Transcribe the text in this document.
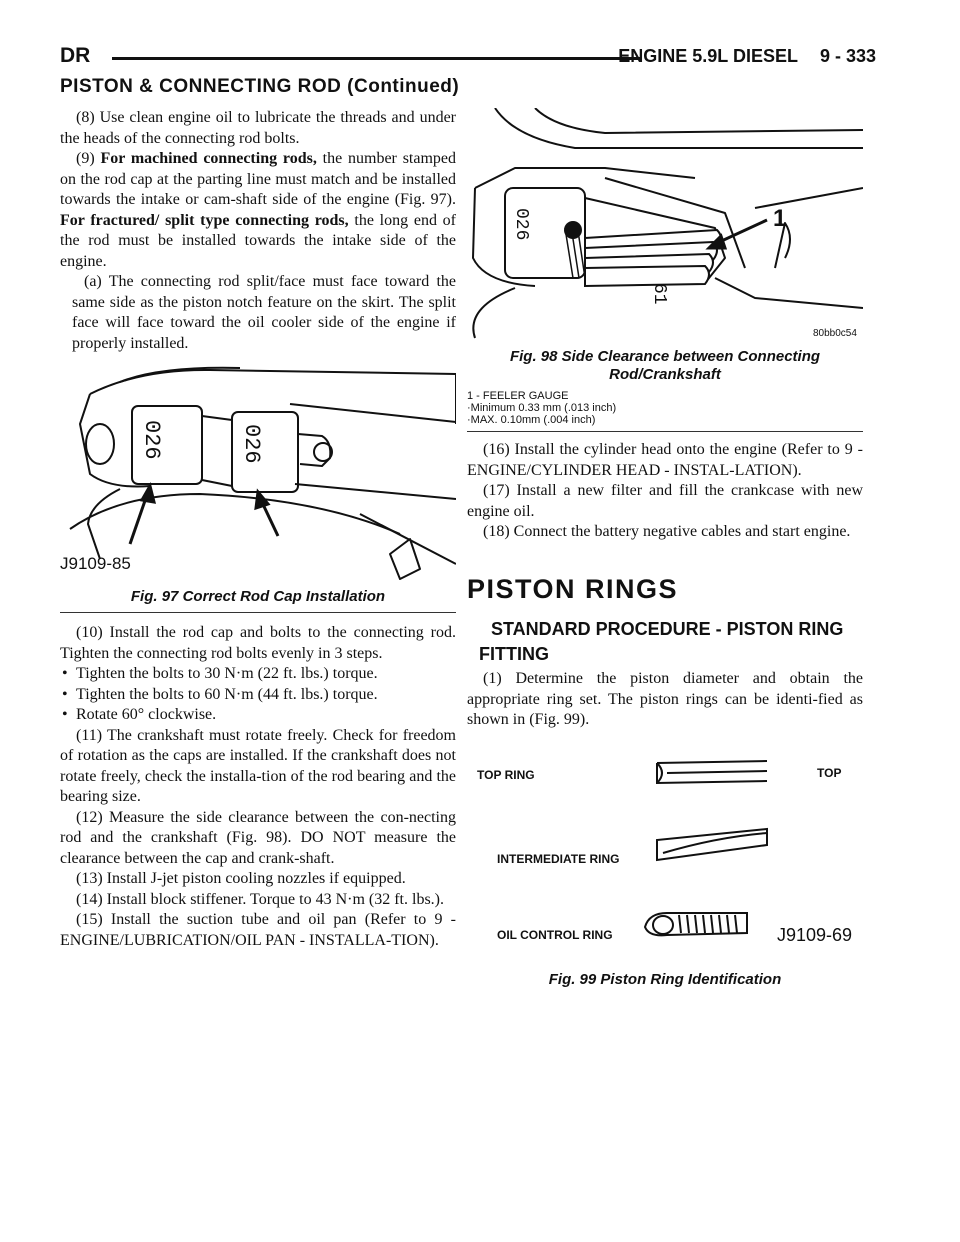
DR	ENGINE 5.9L DIESEL 9 - 333
PISTON & CONNECTING ROD (Continued)

(8) Use clean engine oil to lubricate the threads and under the heads of the connecting rod bolts.

(9) For machined connecting rods, the number stamped on the rod cap at the parting line must match and be installed towards the intake or cam-shaft side of the engine (Fig. 97). For fractured/ split type connecting rods, the long end of the rod must be installed towards the intake side of the engine.

(a) The connecting rod split/face must face toward the same side as the piston notch feature on the skirt. The split face will face toward the oil cooler side of the engine if properly installed.

026	026
J9109-85
Fig. 97 Correct Rod Cap Installation

(10) Install the rod cap and bolts to the connecting rod. Tighten the connecting rod bolts evenly in 3 steps.

• Tighten the bolts to 30 N·m (22 ft. lbs.) torque.

• Tighten the bolts to 60 N·m (44 ft. lbs.) torque.

• Rotate 60° clockwise.

(11) The crankshaft must rotate freely. Check for freedom of rotation as the caps are installed. If the crankshaft does not rotate freely, check the installa-tion of the rod bearing and the bearing size.

(12) Measure the side clearance between the con-necting rod and the crankshaft (Fig. 98). DO NOT measure the clearance between the cap and crank-shaft.

(13) Install J-jet piston cooling nozzles if equipped.

(14) Install block stiffener. Torque to 43 N·m (32 ft. lbs.).

(15) Install the suction tube and oil pan (Refer to 9 - ENGINE/LUBRICATION/OIL PAN - INSTALLA-TION).

026
61
1
80bb0c54
Fig. 98 Side Clearance between Connecting Rod/Crankshaft
1 - FEELER GAUGE
·Minimum 0.33 mm (.013 inch)
·MAX. 0.10mm (.004 inch)

(16) Install the cylinder head onto the engine (Refer to 9 - ENGINE/CYLINDER HEAD - INSTAL-LATION).

(17) Install a new filter and fill the crankcase with new engine oil.

(18) Connect the battery negative cables and start engine.

PISTON RINGS
STANDARD PROCEDURE - PISTON RING FITTING

(1) Determine the piston diameter and obtain the appropriate ring set. The piston rings can be identi-fied as shown in (Fig. 99).

TOP RING	TOP
INTERMEDIATE RING
OIL CONTROL RING	J9109-69
Fig. 99 Piston Ring Identification
